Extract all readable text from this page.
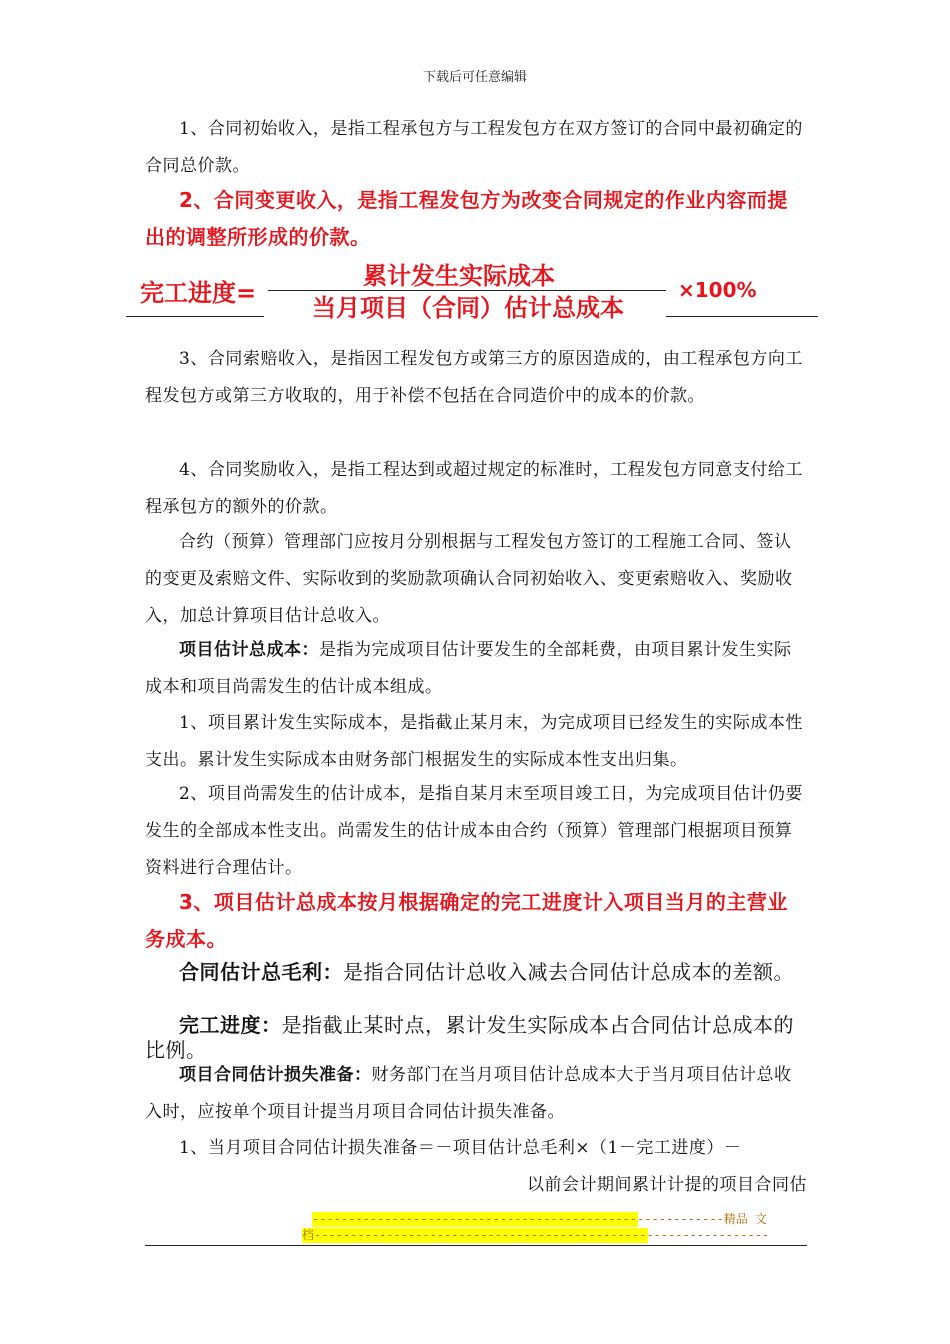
下载后可任意编辑
1、合同初始收入，是指工程承包方与工程发包方在双方签订的合同中最初确定的合同总价款。
2、合同变更收入，是指工程发包方为改变合同规定的作业内容而提出的调整所形成的价款。
完工进度=
累计发生实际成本
当月项目（合同）估计总成本
×100%
3、合同索赔收入，是指因工程发包方或第三方的原因造成的，由工程承包方向工程发包方或第三方收取的，用于补偿不包括在合同造价中的成本的价款。
4、合同奖励收入，是指工程达到或超过规定的标准时，工程发包方同意支付给工程承包方的额外的价款。
合约（预算）管理部门应按月分别根据与工程发包方签订的工程施工合同、签认的变更及索赔文件、实际收到的奖励款项确认合同初始收入、变更索赔收入、奖励收入，加总计算项目估计总收入。
项目估计总成本：是指为完成项目估计要发生的全部耗费，由项目累计发生实际成本和项目尚需发生的估计成本组成。
1、项目累计发生实际成本，是指截止某月末，为完成项目已经发生的实际成本性支出。累计发生实际成本由财务部门根据发生的实际成本性支出归集。
2、项目尚需发生的估计成本，是指自某月末至项目竣工日，为完成项目估计仍要发生的全部成本性支出。尚需发生的估计成本由合约（预算）管理部门根据项目预算资料进行合理估计。
3、项目估计总成本按月根据确定的完工进度计入项目当月的主营业务成本。
合同估计总毛利：是指合同估计总收入减去合同估计总成本的差额。
完工进度：是指截止某时点，累计发生实际成本占合同估计总成本的比例。
项目合同估计损失准备：财务部门在当月项目估计总成本大于当月项目估计总收入时，应按单个项目计提当月项目合同估计损失准备。
1、当月项目合同估计损失准备＝－项目估计总毛利×（1－完工进度）－
以前会计期间累计计提的项目合同估
---------------------------------------------------------精品 文
档---------------------------------------------------------------
